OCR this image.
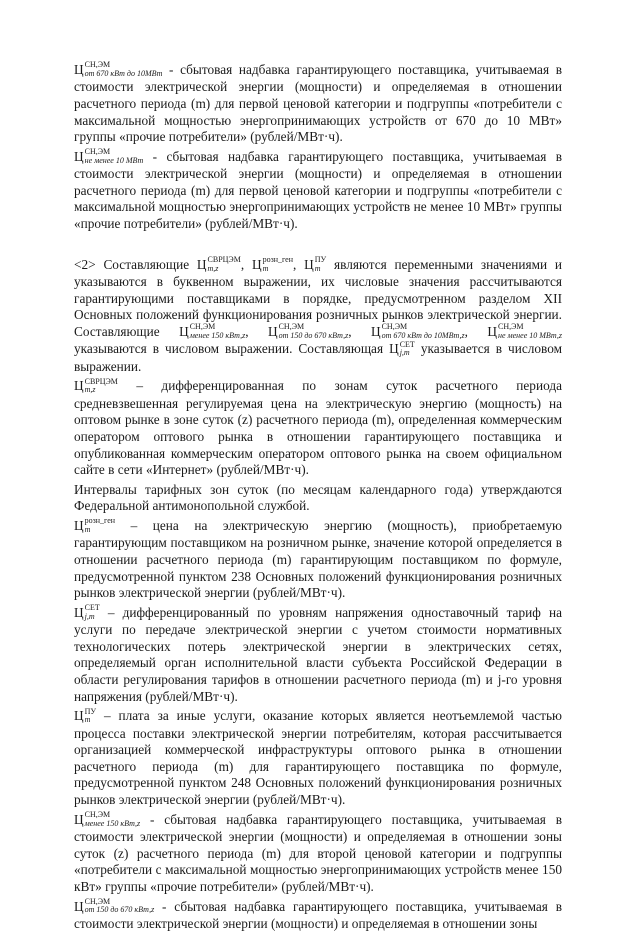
Ц СН,ЭМ
от 670 кВт до 10МВт - сбытовая надбавка гарантирующего поставщика, учитываемая в стоимости электрической энергии (мощности) и определяемая в отношении расчетного периода (m) для первой ценовой категории и подгруппы «потребители с максимальной мощностью энергопринимающих устройств от 670 до 10 МВт» группы «прочие потребители» (рублей/МВт·ч).

Ц СН,ЭМ
не менее 10 МВт - сбытовая надбавка гарантирующего поставщика, учитываемая в стоимости электрической энергии (мощности) и определяемая в отношении расчетного периода (m) для первой ценовой категории и подгруппы «потребители с максимальной мощностью энергопринимающих устройств не менее 10 МВт» группы «прочие потребители» (рублей/МВт·ч).

<2> Составляющие Ц СВРЦЭМ
m,z	, Ц розн_ген
m	, Ц ПУ
m являются переменными значениями и указываются в буквенном выражении, их числовые значения рассчитываются гарантирующими поставщиками в порядке, предусмотренном разделом XII Основных положений функционирования розничных рынков электрической энергии. Составляющие Ц СН,ЭМ
менее 150 кВт,z , Ц СН,ЭМ
от 150 до 670 кВт,z , Ц СН,ЭМ
от 670 кВт до 10МВт,z , Ц СН,ЭМ
не менее 10 МВт,z
указываются в числовом выражении. Составляющая Ц СЕТ
j,m указывается в числовом выражении.

Ц СВРЦЭМ
m,z	– дифференцированная по зонам суток расчетного периода средневзвешенная регулируемая цена на электрическую энергию (мощность) на оптовом рынке в зоне суток (z) расчетного периода (m), определенная коммерческим оператором оптового рынка в отношении гарантирующего поставщика и опубликованная коммерческим оператором оптового рынка на своем официальном сайте в сети «Интернет» (рублей/МВт·ч).

Интервалы тарифных зон суток (по месяцам календарного года) утверждаются Федеральной антимонопольной службой.

Ц розн_ген
m	– цена на электрическую энергию (мощность), приобретаемую гарантирующим поставщиком на розничном рынке, значение которой определяется в отношении расчетного периода (m) гарантирующим поставщиком по формуле, предусмотренной пунктом 238 Основных положений функционирования розничных рынков электрической энергии (рублей/МВт·ч).

Ц СЕТ
j,m – дифференцированный по уровням напряжения одноставочный тариф на услуги по передаче электрической энергии с учетом стоимости нормативных технологических потерь электрической энергии в электрических сетях, определяемый орган исполнительной власти субъекта Российской Федерации в области регулирования тарифов в отношении расчетного периода (m) и j-го уровня напряжения (рублей/МВт·ч).

Ц ПУ
m – плата за иные услуги, оказание которых является неотъемлемой частью процесса поставки электрической энергии потребителям, которая рассчитывается организацией коммерческой инфраструктуры оптового рынка в отношении расчетного периода (m) для гарантирующего поставщика по формуле, предусмотренной пунктом 248 Основных положений функционирования розничных рынков электрической энергии (рублей/МВт·ч).

Ц СН,ЭМ
менее 150 кВт,z - сбытовая надбавка гарантирующего поставщика, учитываемая в стоимости электрической энергии (мощности) и определяемая в отношении зоны суток (z) расчетного периода (m) для второй ценовой категории и подгруппы «потребители с максимальной мощностью энергопринимающих устройств менее 150 кВт» группы «прочие потребители» (рублей/МВт·ч).

Ц СН,ЭМ
от 150 до 670 кВт,z - сбытовая надбавка гарантирующего поставщика, учитываемая в стоимости электрической энергии (мощности) и определяемая в отношении зоны
